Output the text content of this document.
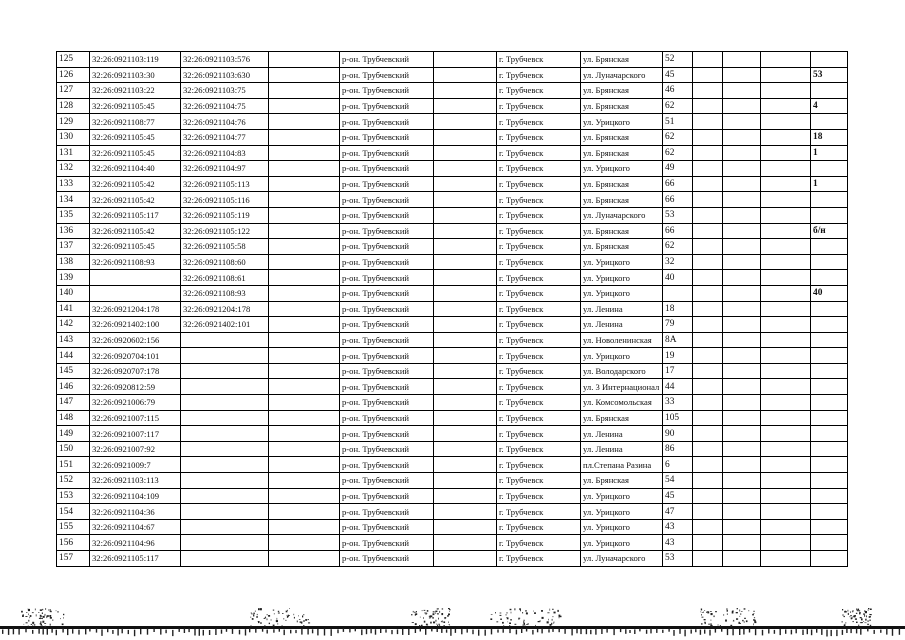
125	32:26:0921103:119	32:26:0921103:576		р-он. Трубчевский		г. Трубчевск	ул. Брянская	52				
126	32:26:0921103:30	32:26:0921103:630		р-он. Трубчевский		г. Трубчевск	ул. Луначарского	45				53
127	32:26:0921103:22	32:26:0921103:75		р-он. Трубчевский		г. Трубчевск	ул. Брянская	46				
128	32:26:0921105:45	32:26:0921104:75		р-он. Трубчевский		г. Трубчевск	ул. Брянская	62				4
129	32:26:0921108:77	32:26:0921104:76		р-он. Трубчевский		г. Трубчевск	ул. Урицкого	51				
130	32:26:0921105:45	32:26:0921104:77		р-он. Трубчевский		г. Трубчевск	ул. Брянская	62				18
131	32:26:0921105:45	32:26:0921104:83		р-он. Трубчевский		г. Трубчевск	ул. Брянская	62				1
132	32:26:0921104:40	32:26:0921104:97		р-он. Трубчевский		г. Трубчевск	ул. Урицкого	49				
133	32:26:0921105:42	32:26:0921105:113		р-он. Трубчевский		г. Трубчевск	ул. Брянская	66				1
134	32:26:0921105:42	32:26:0921105:116		р-он. Трубчевский		г. Трубчевск	ул. Брянская	66				
135	32:26:0921105:117	32:26:0921105:119		р-он. Трубчевский		г. Трубчевск	ул. Луначарского	53				
136	32:26:0921105:42	32:26:0921105:122		р-он. Трубчевский		г. Трубчевск	ул. Брянская	66				б/н
137	32:26:0921105:45	32:26:0921105:58		р-он. Трубчевский		г. Трубчевск	ул. Брянская	62				
138	32:26:0921108:93	32:26:0921108:60		р-он. Трубчевский		г. Трубчевск	ул. Урицкого	32				
139		32:26:0921108:61		р-он. Трубчевский		г. Трубчевск	ул. Урицкого	40				
140		32:26:0921108:93		р-он. Трубчевский		г. Трубчевск	ул. Урицкого					40
141	32:26:0921204:178	32:26:0921204:178		р-он. Трубчевский		г. Трубчевск	ул. Ленина	18				
142	32:26:0921402:100	32:26:0921402:101		р-он. Трубчевский		г. Трубчевск	ул. Ленина	79				
143	32:26:0920602:156			р-он. Трубчевский		г. Трубчевск	ул. Новоленинская	8А				
144	32:26:0920704:101			р-он. Трубчевский		г. Трубчевск	ул. Урицкого	19				
145	32:26:0920707:178			р-он. Трубчевский		г. Трубчевск	ул. Володарского	17				
146	32:26:0920812:59			р-он. Трубчевский		г. Трубчевск	ул. 3 Интернационал	44				
147	32:26:0921006:79			р-он. Трубчевский		г. Трубчевск	ул. Комсомольская	33				
148	32:26:0921007:115			р-он. Трубчевский		г. Трубчевск	ул. Брянская	105				
149	32:26:0921007:117			р-он. Трубчевский		г. Трубчевск	ул. Ленина	90				
150	32:26:0921007:92			р-он. Трубчевский		г. Трубчевск	ул. Ленина	86				
151	32:26:0921009:7			р-он. Трубчевский		г. Трубчевск	пл.Степана Разина	6				
152	32:26:0921103:113			р-он. Трубчевский		г. Трубчевск	ул. Брянская	54				
153	32:26:0921104:109			р-он. Трубчевский		г. Трубчевск	ул. Урицкого	45				
154	32:26:0921104:36			р-он. Трубчевский		г. Трубчевск	ул. Урицкого	47				
155	32:26:0921104:67			р-он. Трубчевский		г. Трубчевск	ул. Урицкого	43				
156	32:26:0921104:96			р-он. Трубчевский		г. Трубчевск	ул. Урицкого	43				
157	32:26:0921105:117			р-он. Трубчевский		г. Трубчевск	ул. Луначарского	53				
